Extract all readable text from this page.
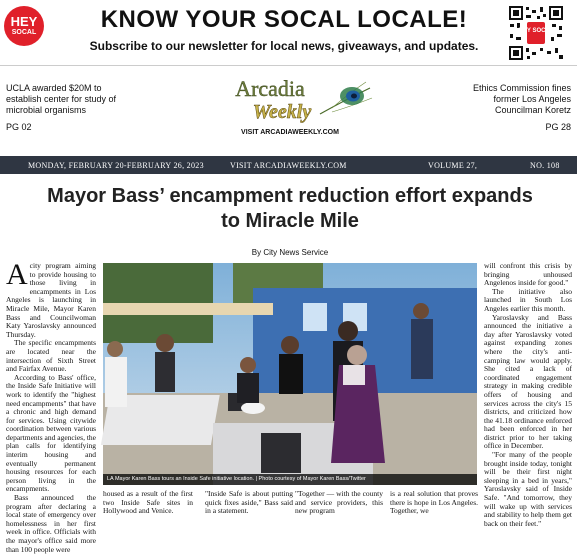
HEY
SOCAL	KNOW YOUR SOCAL LOCALE!
Subscribe to our newsletter for local news, giveaways, and updates.
HEY SOCAL
UCLA awarded $20M to establish center for study of microbial organisms
PG 02
Ethics Commission fines former Los Angeles Councilman Koretz
PG 28
Arcadia
Weekly
VISIT ARCADIAWEEKLY.COM
MONDAY, FEBRUARY 20-FEBRUARY 26, 2023	VISIT ARCADIAWEEKLY.COM	VOLUME 27,	NO. 108
Mayor Bass’ encampment reduction effort expands to Miracle Mile
By City News Service

Acity program aiming to provide housing to those living in encampments in Los Angeles is launching in Miracle Mile, Mayor Karen Bass and Councilwoman Katy Yaroslavsky announced Thursday.

The specific encampments are located near the intersection of Sixth Street and Fairfax Avenue.

According to Bass' office, the Inside Safe Initiative will work to identify the "highest need encampments" that have a chronic and high demand for services. Using citywide coordination between various departments and agencies, the plan calls for identifying interim housing and eventually permanent housing resources for each person living in the encampments.

Bass announced the program after declaring a local state of emergency over homelessness in her first week in office. Officials with the mayor's office said more than 100 people were

LA Mayor Karen Bass tours an Inside Safe initiative location. | Photo courtesy of Mayor Karen Bass/Twitter

will confront this crisis by bringing unhoused Angelenos inside for good."

The initiative also launched in South Los Angeles earlier this month.

Yaroslavsky and Bass announced the initiative a day after Yaroslavsky voted against expanding zones where the city's anti-camping law would apply. She cited a lack of coordinated engagement strategy in making credible offers of housing and services across the city's 15 districts, and criticized how the 41.18 ordinance enforced had been enforced in her district prior to her taking office in December.

"For many of the people brought inside today, tonight will be their first night sleeping in a bed in years," Yaroslavsky said of Inside Safe. "And tomorrow, they will wake up with services and stability to help them get back on their feet."

housed as a result of the first two Inside Safe sites in Hollywood and Venice.
"Inside Safe is about putting quick fixes aside," Bass said in a statement.
"Together — with the county and service providers, this new program
is a real solution that proves there is hope in Los Angeles. Together, we
